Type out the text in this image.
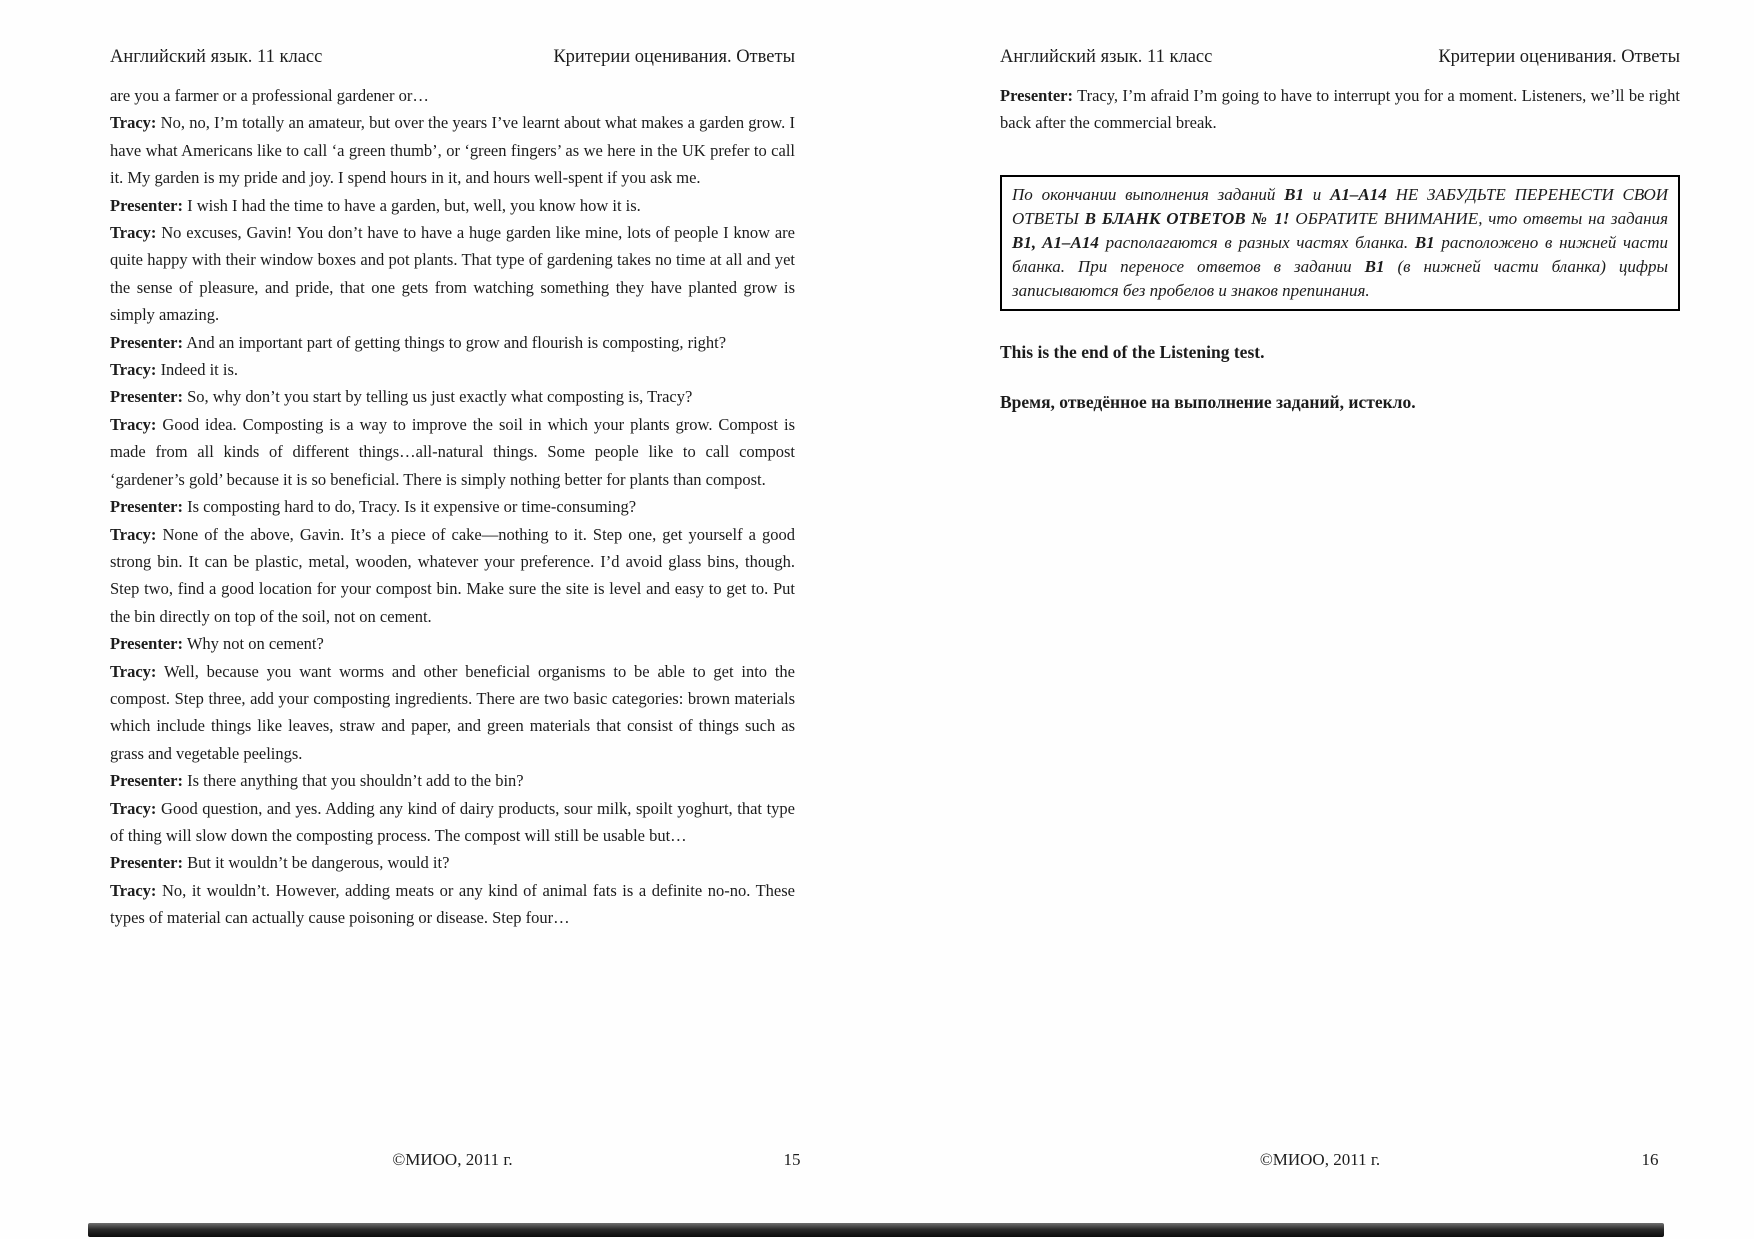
Английский язык. 11 класс	Критерии оценивания. Ответы

are you a farmer or a professional gardener or…

Tracy: No, no, I’m totally an amateur, but over the years I’ve learnt about what makes a garden grow. I have what Americans like to call ‘a green thumb’, or ‘green fingers’ as we here in the UK prefer to call it. My garden is my pride and joy. I spend hours in it, and hours well-spent if you ask me.

Presenter: I wish I had the time to have a garden, but, well, you know how it is.

Tracy: No excuses, Gavin! You don’t have to have a huge garden like mine, lots of people I know are quite happy with their window boxes and pot plants. That type of gardening takes no time at all and yet the sense of pleasure, and pride, that one gets from watching something they have planted grow is simply amazing.

Presenter: And an important part of getting things to grow and flourish is composting, right?

Tracy: Indeed it is.

Presenter: So, why don’t you start by telling us just exactly what composting is, Tracy?

Tracy: Good idea. Composting is a way to improve the soil in which your plants grow. Compost is made from all kinds of different things…all-natural things. Some people like to call compost ‘gardener’s gold’ because it is so beneficial. There is simply nothing better for plants than compost.

Presenter: Is composting hard to do, Tracy. Is it expensive or time-consuming?

Tracy: None of the above, Gavin. It’s a piece of cake—nothing to it. Step one, get yourself a good strong bin. It can be plastic, metal, wooden, whatever your preference. I’d avoid glass bins, though. Step two, find a good location for your compost bin. Make sure the site is level and easy to get to. Put the bin directly on top of the soil, not on cement.

Presenter: Why not on cement?

Tracy: Well, because you want worms and other beneficial organisms to be able to get into the compost. Step three, add your composting ingredients. There are two basic categories: brown materials which include things like leaves, straw and paper, and green materials that consist of things such as grass and vegetable peelings.

Presenter: Is there anything that you shouldn’t add to the bin?

Tracy: Good question, and yes. Adding any kind of dairy products, sour milk, spoilt yoghurt, that type of thing will slow down the composting process. The compost will still be usable but…

Presenter: But it wouldn’t be dangerous, would it?

Tracy: No, it wouldn’t. However, adding meats or any kind of animal fats is a definite no-no. These types of material can actually cause poisoning or disease. Step four…

Английский язык. 11 класс	Критерии оценивания. Ответы

Presenter: Tracy, I’m afraid I’m going to have to interrupt you for a moment. Listeners, we’ll be right back after the commercial break.

По окончании выполнения заданий B1 и A1–A14 НЕ ЗАБУДЬТЕ ПЕРЕНЕСТИ СВОИ ОТВЕТЫ В БЛАНК ОТВЕТОВ № 1! ОБРАТИТЕ ВНИМАНИЕ, что ответы на задания B1, A1–A14 располагаются в разных частях бланка. B1 расположено в нижней части бланка. При переносе ответов в задании B1 (в нижней части бланка) цифры записываются без пробелов и знаков препинания.

This is the end of the Listening test.

Время, отведённое на выполнение заданий, истекло.

©МИОО, 2011 г.	15	©МИОО, 2011 г.	16
